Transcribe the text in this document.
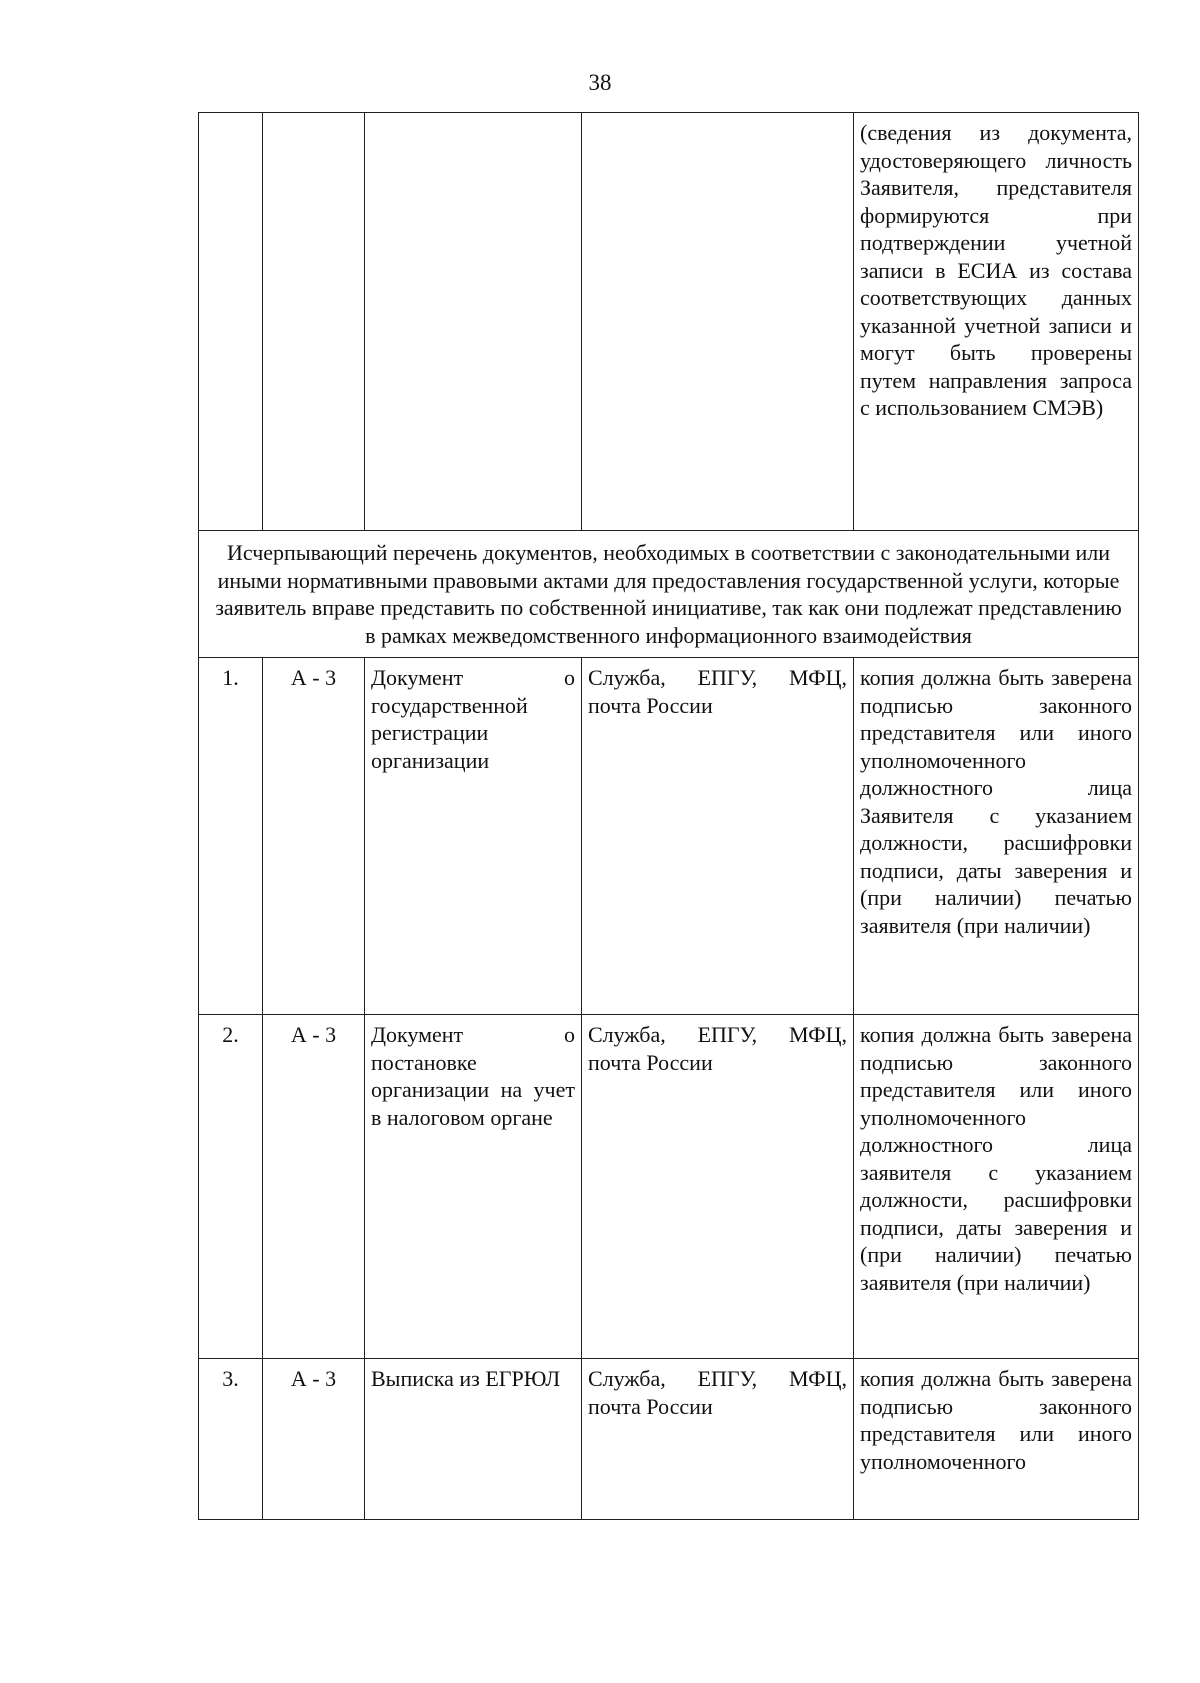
38
				(сведения из документа, удостоверяющего личность Заявителя, представителя формируются при подтверждении учетной записи в ЕСИА из состава соответствующих данных указанной учетной записи и могут быть проверены путем направления запроса с использованием СМЭВ)
Исчерпывающий перечень документов, необходимых в соответствии с законодательными или иными нормативными правовыми актами для предоставления государственной услуги, которые заявитель вправе представить по собственной инициативе, так как они подлежат представлению в рамках межведомственного информационного взаимодействия				
1.	А - 3	Документ о государственной регистрации организации	Служба, ЕПГУ, МФЦ, почта России	копия должна быть заверена подписью законного представителя или иного уполномоченного должностного лица Заявителя с указанием должности, расшифровки подписи, даты заверения и (при наличии) печатью заявителя (при наличии)
2.	А - 3	Документ о постановке организации на учет в налоговом органе	Служба, ЕПГУ, МФЦ, почта России	копия должна быть заверена подписью законного представителя или иного уполномоченного должностного лица заявителя с указанием должности, расшифровки подписи, даты заверения и (при наличии) печатью заявителя (при наличии)
3.	А - 3	Выписка из ЕГРЮЛ	Служба, ЕПГУ, МФЦ, почта России	копия должна быть заверена подписью законного представителя или иного уполномоченного
